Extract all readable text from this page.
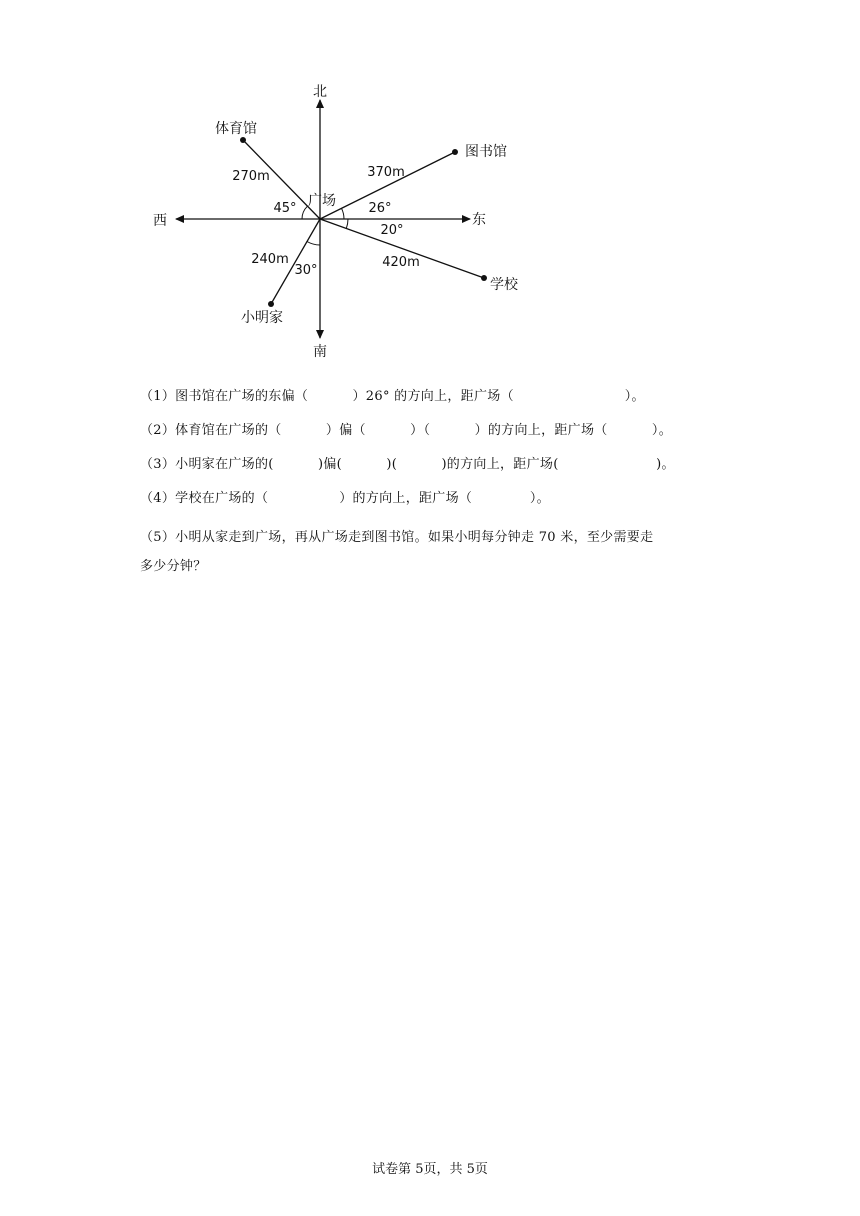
北
南
东
西
广场
体育馆
270m
45°
图书馆
370m
26°
学校
420m
20°
小明家
240m
30°
（1）图书馆在广场的东偏（	）26° 的方向上，距广场（	）。
（2）体育馆在广场的（	）偏（	）（	）的方向上，距广场（	）。
（3）小明家在广场的(	)偏(	)(	)的方向上，距广场(	)。
（4）学校在广场的（	）的方向上，距广场（	）。
（5）小明从家走到广场，再从广场走到图书馆。如果小明每分钟走 70 米，至少需要走
多少分钟？
试卷第 5页，共 5页
